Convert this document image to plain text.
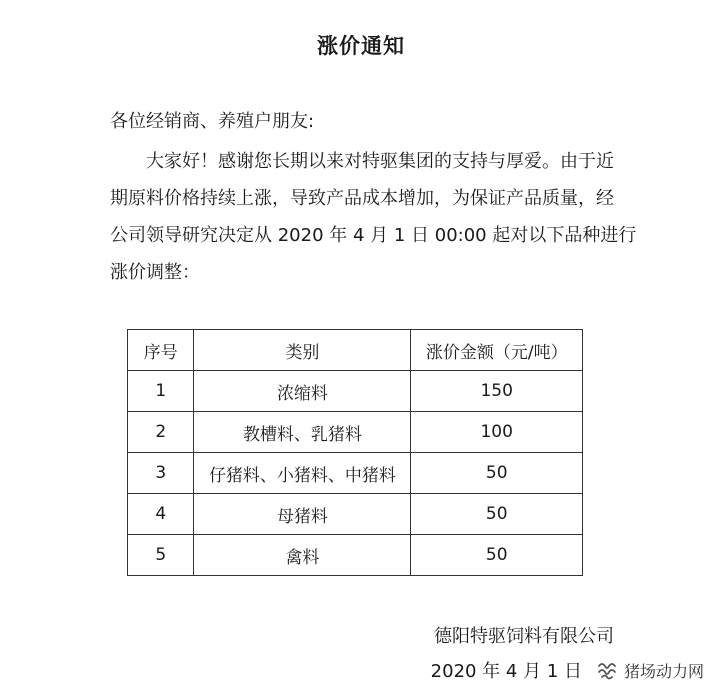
涨价通知
各位经销商、养殖户朋友:
大家好！感谢您长期以来对特驱集团的支持与厚爱。由于近
期原料价格持续上涨，导致产品成本增加，为保证产品质量，经
公司领导研究决定从 2020 年 4 月 1 日 00:00 起对以下品种进行
涨价调整：
序号	类别	涨价金额（元/吨）
1	浓缩料	150
2	教槽料、乳猪料	100
3	仔猪料、小猪料、中猪料	50
4	母猪料	50
5	禽料	50
德阳特驱饲料有限公司
2020 年 4 月 1 日	猪场动力网
